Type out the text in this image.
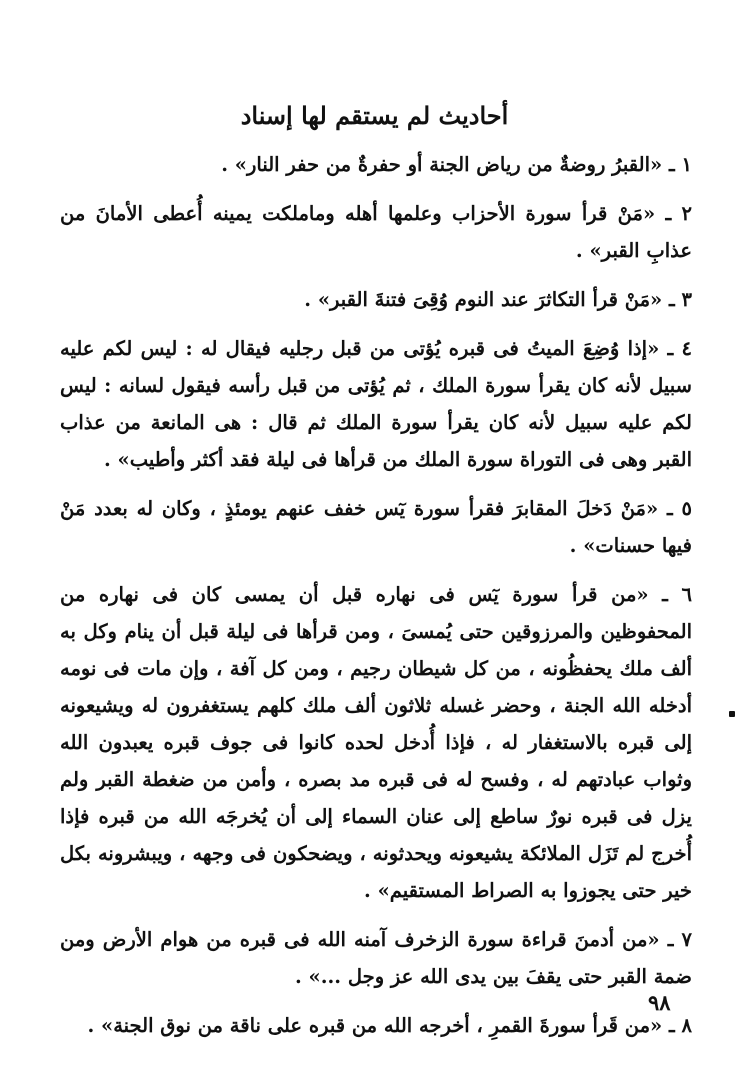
أحاديث لم يستقم لها إسناد

١ ـ «القبرُ روضةٌ من رياض الجنة أو حفرةٌ من حفر النار» .

٢ ـ «مَنْ قرأ سورة الأحزاب وعلمها أهله وماملكت يمينه أُعطى الأمانَ من عذابِ القبر» .

٣ ـ «مَنْ قرأ التكاثرَ عند النوم وُقِىَ فتنةَ القبر» .

٤ ـ «إذا وُضِعَ الميتُ فى قبره يُؤتى من قبل رجليه فيقال له : ليس لكم عليه سبيل لأنه كان يقرأ سورة الملك ، ثم يُؤتى من قبل رأسه فيقول لسانه : ليس لكم عليه سبيل لأنه كان يقرأ سورة الملك ثم قال : هى المانعة من عذاب القبر وهى فى التوراة سورة الملك من قرأها فى ليلة فقد أكثر وأطيب» .

٥ ـ «مَنْ دَخلَ المقابرَ فقرأ سورة يٓس خفف عنهم يومئذٍ ، وكان له بعدد مَنْ فيها حسنات» .

٦ ـ «من قرأ سورة يٓس فى نهاره قبل أن يمسى كان فى نهاره من المحفوظين والمرزوقين حتى يُمسىَ ، ومن قرأها فى ليلة قبل أن ينام وكل به ألف ملك يحفظُونه ، من كل شيطان رجيم ، ومن كل آفة ، وإن مات فى نومه أدخله الله الجنة ، وحضر غسله ثلاثون ألف ملك كلهم يستغفرون له ويشيعونه إلى قبره بالاستغفار له ، فإذا أُدخل لحده كانوا فى جوف قبره يعبدون الله وثواب عبادتهم له ، وفسح له فى قبره مد بصره ، وأمن من ضغطة القبر ولم يزل فى قبره نورٌ ساطع إلى عنان السماء إلى أن يُخرجَه الله من قبره فإذا أُخرج لم تَزَل الملائكة يشيعونه ويحدثونه ، ويضحكون فى وجهه ، ويبشرونه بكل خير حتى يجوزوا به الصراط المستقيم» .

٧ ـ «من أدمنَ قراءة سورة الزخرف آمنه الله فى قبره من هوام الأرض ومن ضمة القبر حتى يقفَ بين يدى الله عز وجل ...» .

٨ ـ «من قَرأ سورةَ القمرِ ، أخرجه الله من قبره على ناقة من نوق الجنة» .

٩٨
